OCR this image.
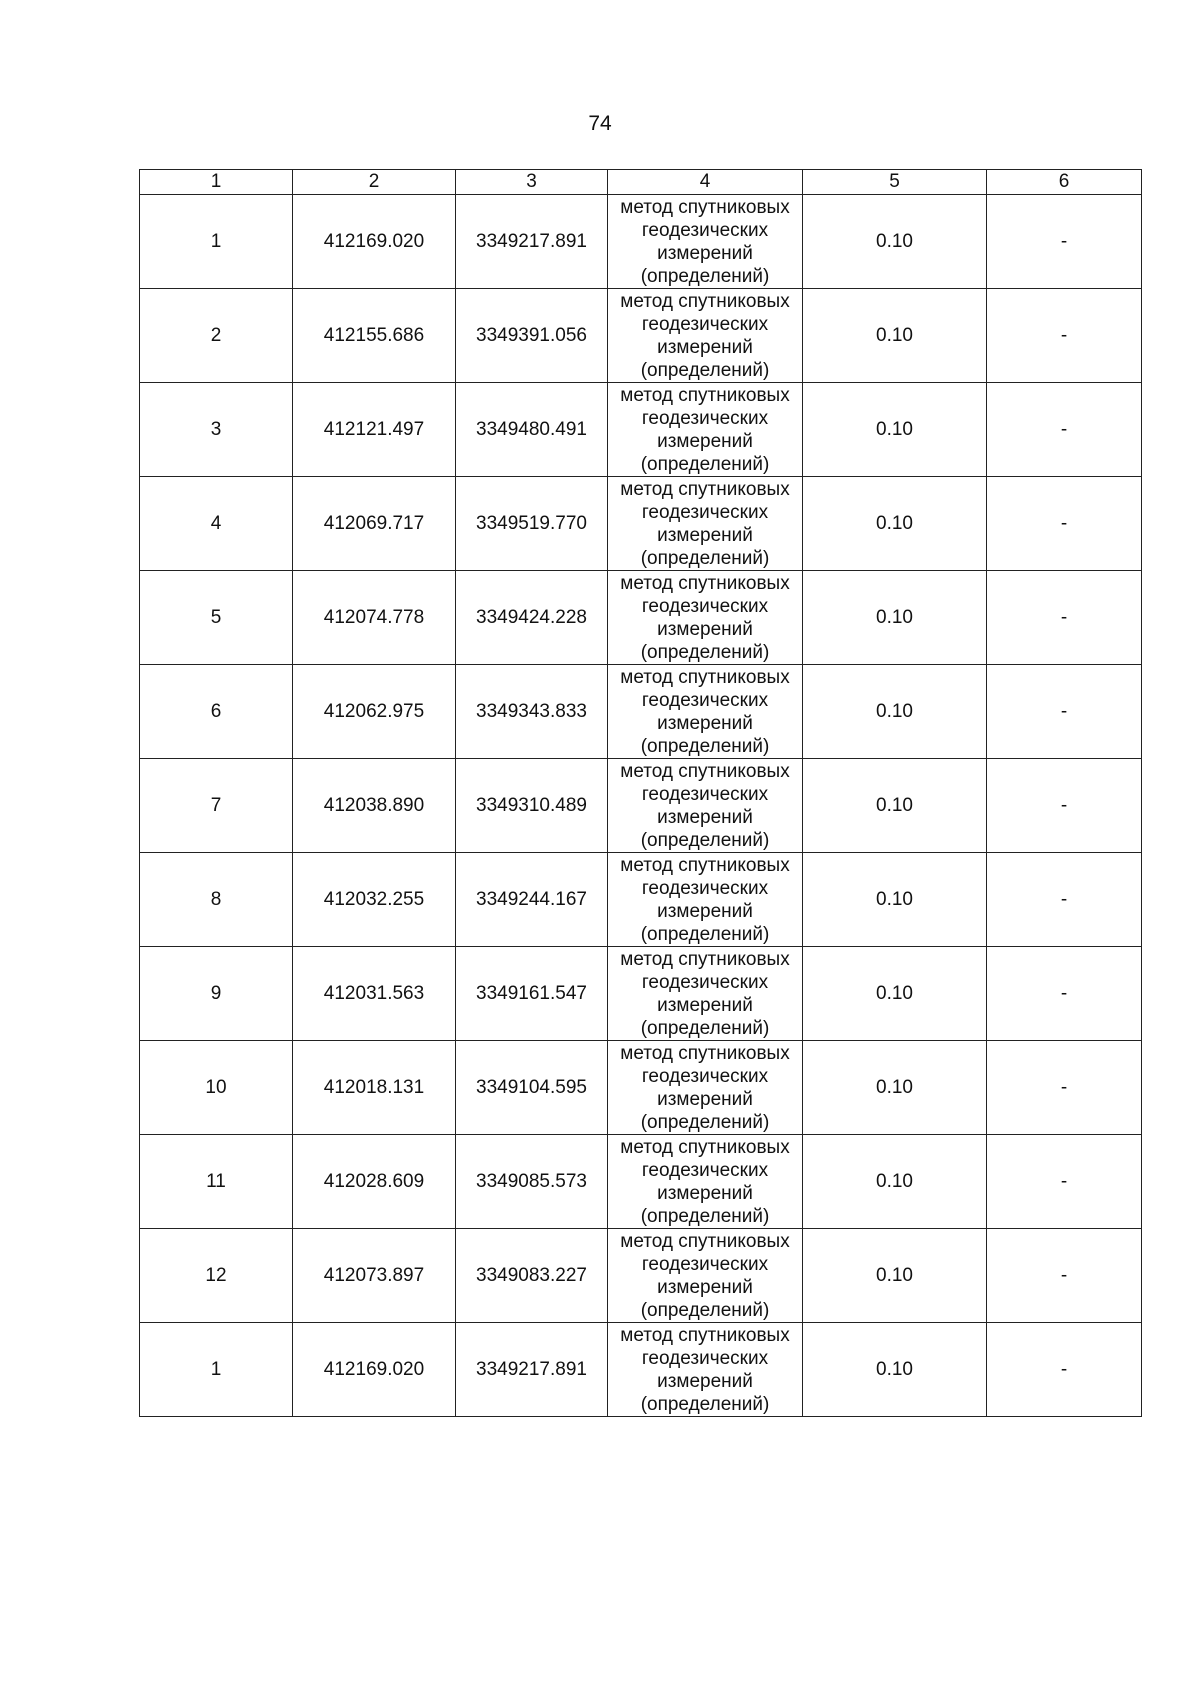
74
1	2	3	4	5	6
1	412169.020	3349217.891	метод спутниковых
геодезических
измерений
(определений)	0.10	-
2	412155.686	3349391.056	метод спутниковых
геодезических
измерений
(определений)	0.10	-
3	412121.497	3349480.491	метод спутниковых
геодезических
измерений
(определений)	0.10	-
4	412069.717	3349519.770	метод спутниковых
геодезических
измерений
(определений)	0.10	-
5	412074.778	3349424.228	метод спутниковых
геодезических
измерений
(определений)	0.10	-
6	412062.975	3349343.833	метод спутниковых
геодезических
измерений
(определений)	0.10	-
7	412038.890	3349310.489	метод спутниковых
геодезических
измерений
(определений)	0.10	-
8	412032.255	3349244.167	метод спутниковых
геодезических
измерений
(определений)	0.10	-
9	412031.563	3349161.547	метод спутниковых
геодезических
измерений
(определений)	0.10	-
10	412018.131	3349104.595	метод спутниковых
геодезических
измерений
(определений)	0.10	-
11	412028.609	3349085.573	метод спутниковых
геодезических
измерений
(определений)	0.10	-
12	412073.897	3349083.227	метод спутниковых
геодезических
измерений
(определений)	0.10	-
1	412169.020	3349217.891	метод спутниковых
геодезических
измерений
(определений)	0.10	-
